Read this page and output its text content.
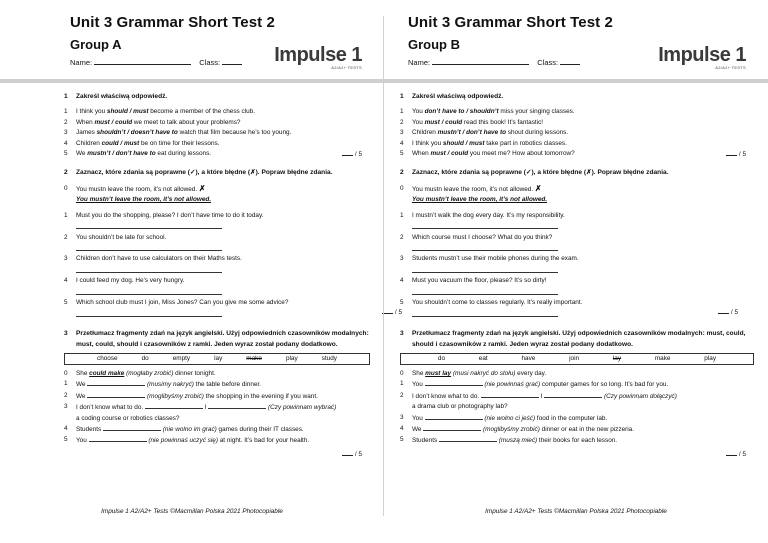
Unit 3 Grammar Short Test 2
Group A
Name:	Class:	Impulse 1
A2/A2+ TESTS
1 Zakreśl właściwą odpowiedź.
1 I think you should / must become a member of the chess club.
2 When must / could we meet to talk about your problems?
3 James shouldn’t / doesn’t have to watch that film because he’s too young.
4 Children could / must be on time for their lessons.
5 We mustn’t / don’t have to eat during lessons.	/ 5
2 Zaznacz, które zdania są poprawne (✓), a które błędne (✗). Popraw błędne zdania.
0 You mustn leave the room, it’s not allowed. ✗
You mustn’t leave the room, it’s not allowed.
1 Must you do the shopping, please? I don’t have time to do it today.
2 You shouldn’t be late for school.
3 Children don’t have to use calculators on their Maths tests.
4 I could feed my dog. He’s very hungry.
5 Which school club must I join, Miss Jones? Can you give me some advice?
/ 5
3 Przetłumacz fragmenty zdań na język angielski. Użyj odpowiednich czasowników modalnych: must, could, should i czasowników z ramki. Jeden wyraz został podany dodatkowo.
choose	do	empty	lay	make	play	study
0 She could make (mogłaby zrobić) dinner tonight.
1 We	(musimy nakryć) the table before dinner.
2 We	(moglibyśmy zrobić) the shopping in the evening if you want.
3 I don’t know what to do.	I	(Czy powinnam wybrać)
a coding course or robotics classes?
4 Students	(nie wolno im grać) games during their IT classes.
5 You	(nie powinnaś uczyć się) at night. It’s bad for your health.
/ 5
Impulse 1 A2/A2+ Tests ©Macmillan Polska 2021 Photocopiable
Unit 3 Grammar Short Test 2
Group B
Name:	Class:	Impulse 1
A2/A2+ TESTS
1 Zakreśl właściwą odpowiedź.
1 You don’t have to / shouldn’t miss your singing classes.
2 You must / could read this book! It’s fantastic!
3 Children mustn’t / don’t have to shout during lessons.
4 I think you should / must take part in robotics classes.
5 When must / could you meet me? How about tomorrow?	/ 5
2 Zaznacz, które zdania są poprawne (✓), a które błędne (✗). Popraw błędne zdania.
0 You mustn leave the room, it’s not allowed. ✗
You mustn’t leave the room, it’s not allowed.
1 I mustn’t walk the dog every day. It’s my responsibility.
2 Which course must I choose? What do you think?
3 Students mustn’t use their mobile phones during the exam.
4 Must you vacuum the floor, please? It’s so dirty!
5 You shouldn’t come to classes regularly. It’s really important.
/ 5
3 Przetłumacz fragmenty zdań na język angielski. Użyj odpowiednich czasowników modalnych: must, could, should i czasowników z ramki. Jeden wyraz został podany dodatkowo.
do	eat	have	join	lay	make	play
0 She must lay (musi nakryć do stołu) every day.
1 You	(nie powinnaś grać) computer games for so long. It’s bad for you.
2 I don’t know what to do.	I	(Czy powinnam dołączyć)
a drama club or photography lab?
3 You	(nie wolno ci jeść) food in the computer lab.
4 We	(moglibyśmy zrobić) dinner or eat in the new pizzeria.
5 Students	(muszą mieć) their books for each lesson.
/ 5
Impulse 1 A2/A2+ Tests ©Macmillan Polska 2021 Photocopiable
